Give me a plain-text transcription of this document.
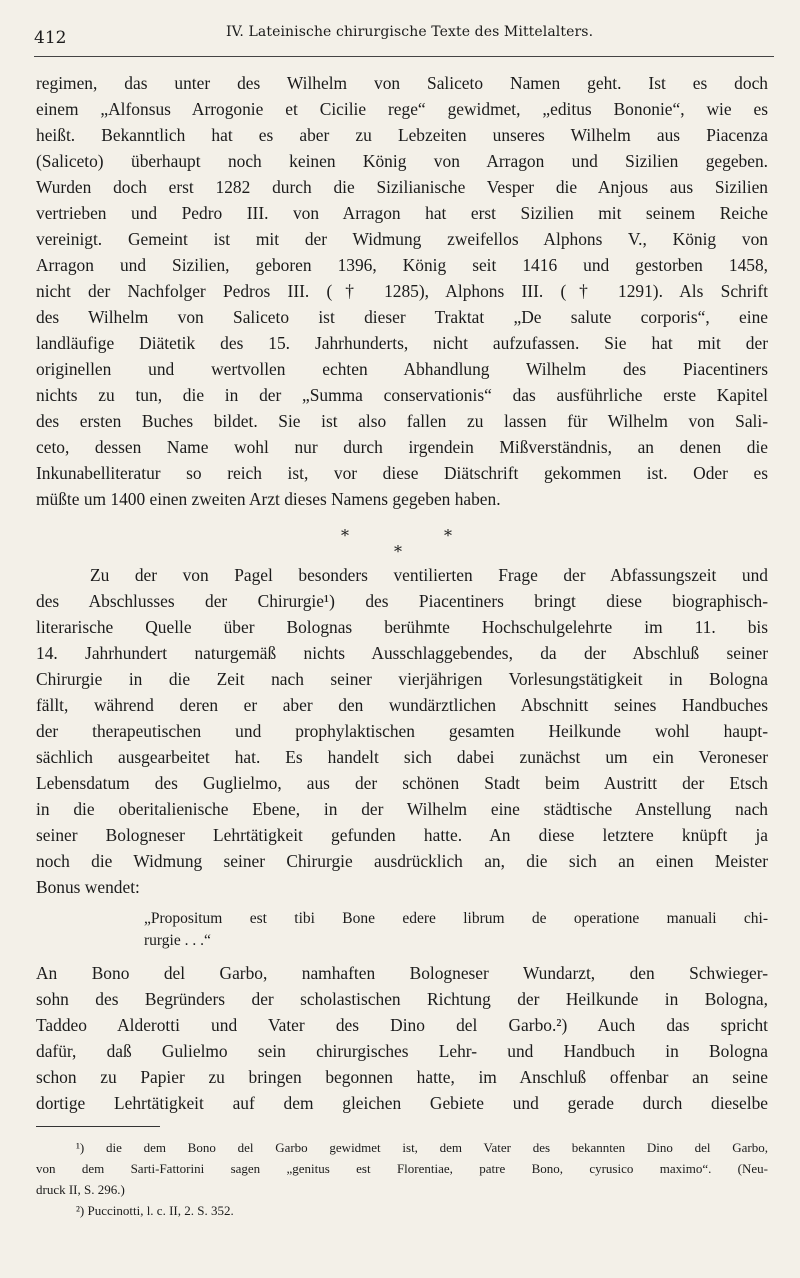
412	IV. Lateinische chirurgische Texte des Mittelalters.
regimen, das unter des Wilhelm von Saliceto Namen geht. Ist es doch
einem „Alfonsus Arrogonie et Cicilie rege“ gewidmet, „editus Bononie“, wie es
heißt. Bekanntlich hat es aber zu Lebzeiten unseres Wilhelm aus Piacenza
(Saliceto) überhaupt noch keinen König von Arragon und Sizilien gegeben.
Wurden doch erst 1282 durch die Sizilianische Vesper die Anjous aus Sizilien
vertrieben und Pedro III. von Arragon hat erst Sizilien mit seinem Reiche
vereinigt. Gemeint ist mit der Widmung zweifellos Alphons V., König von
Arragon und Sizilien, geboren 1396, König seit 1416 und gestorben 1458,
nicht der Nachfolger Pedros III. († 1285), Alphons III. († 1291). Als Schrift
des Wilhelm von Saliceto ist dieser Traktat „De salute corporis“, eine
landläufige Diätetik des 15. Jahrhunderts, nicht aufzufassen. Sie hat mit der
originellen und wertvollen echten Abhandlung Wilhelm des Piacentiners
nichts zu tun, die in der „Summa conservationis“ das ausführliche erste Kapitel
des ersten Buches bildet. Sie ist also fallen zu lassen für Wilhelm von Sali-
ceto, dessen Name wohl nur durch irgendein Mißverständnis, an denen die
Inkunabelliteratur so reich ist, vor diese Diätschrift gekommen ist. Oder es
müßte um 1400 einen zweiten Arzt dieses Namens gegeben haben.
*
*
*
Zu der von Pagel besonders ventilierten Frage der Abfassungszeit und
des Abschlusses der Chirurgie¹) des Piacentiners bringt diese biographisch-
literarische Quelle über Bolognas berühmte Hochschulgelehrte im 11. bis
14. Jahrhundert naturgemäß nichts Ausschlaggebendes, da der Abschluß seiner
Chirurgie in die Zeit nach seiner vierjährigen Vorlesungstätigkeit in Bologna
fällt, während deren er aber den wundärztlichen Abschnitt seines Handbuches
der therapeutischen und prophylaktischen gesamten Heilkunde wohl haupt-
sächlich ausgearbeitet hat. Es handelt sich dabei zunächst um ein Veroneser
Lebensdatum des Guglielmo, aus der schönen Stadt beim Austritt der Etsch
in die oberitalienische Ebene, in der Wilhelm eine städtische Anstellung nach
seiner Bologneser Lehrtätigkeit gefunden hatte. An diese letztere knüpft ja
noch die Widmung seiner Chirurgie ausdrücklich an, die sich an einen Meister
Bonus wendet:
„Propositum est tibi Bone edere librum de operatione manuali chi-
rurgie . . .“
An Bono del Garbo, namhaften Bologneser Wundarzt, den Schwieger-
sohn des Begründers der scholastischen Richtung der Heilkunde in Bologna,
Taddeo Alderotti und Vater des Dino del Garbo.²) Auch das spricht
dafür, daß Gulielmo sein chirurgisches Lehr- und Handbuch in Bologna
schon zu Papier zu bringen begonnen hatte, im Anschluß offenbar an seine
dortige Lehrtätigkeit auf dem gleichen Gebiete und gerade durch dieselbe
¹) die dem Bono del Garbo gewidmet ist, dem Vater des bekannten Dino del Garbo,
von dem Sarti-Fattorini sagen „genitus est Florentiae, patre Bono, cyrusico maximo“. (Neu-
druck II, S. 296.)
²) Puccinotti, l. c. II, 2. S. 352.
